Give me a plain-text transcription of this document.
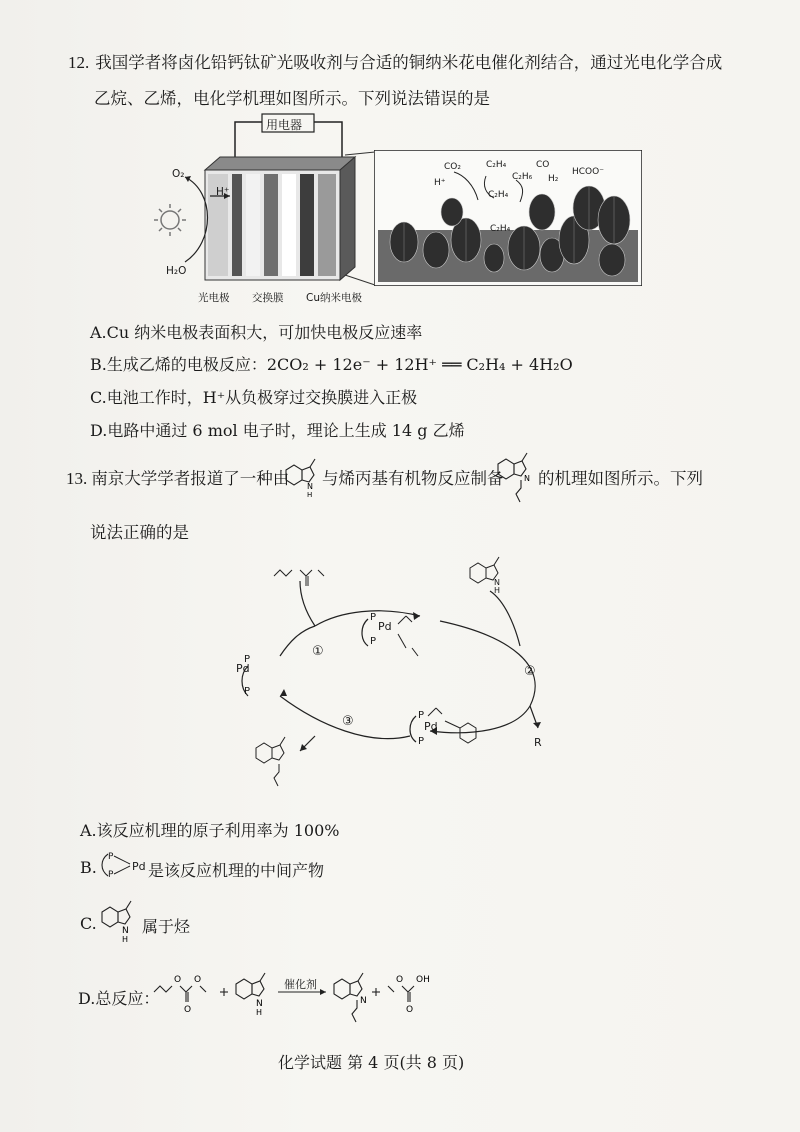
12. 我国学者将卤化铅钙钛矿光吸收剂与合适的铜纳米花电催化剂结合，通过光电化学合成
乙烷、乙烯，电化学机理如图所示。下列说法错误的是
用电器
O₂
H₂O
H⁺
光电极 交换膜 Cu纳米电极
CO₂
H⁺
C₂H₄
C₂H₆
CO
H₂
HCOO⁻
C₂H₄
C₂H₄
A.Cu 纳米电极表面积大，可加快电极反应速率
B.生成乙烯的电极反应：2CO₂ + 12e⁻ + 12H⁺ ══ C₂H₄ + 4H₂O
C.电池工作时，H⁺从负极穿过交换膜进入正极
D.电路中通过 6 mol 电子时，理论上生成 14 g 乙烯
13. 南京大学学者报道了一种由 N
H
与烯丙基有机物反应制备	N 的机理如图所示。下列
说法正确的是
Pd
P
P
Pd
P
P
Pd
P
P	R
①
②
③
N
H
A.该反应机理的原子利用率为 100%
B.
P
P
Pd 是该反应机理的中间产物
C.	N
H
属于烃
D.总反应：
O O
O
N
H
N
O OH
O
催化剂
化学试题 第 4 页(共 8 页)
